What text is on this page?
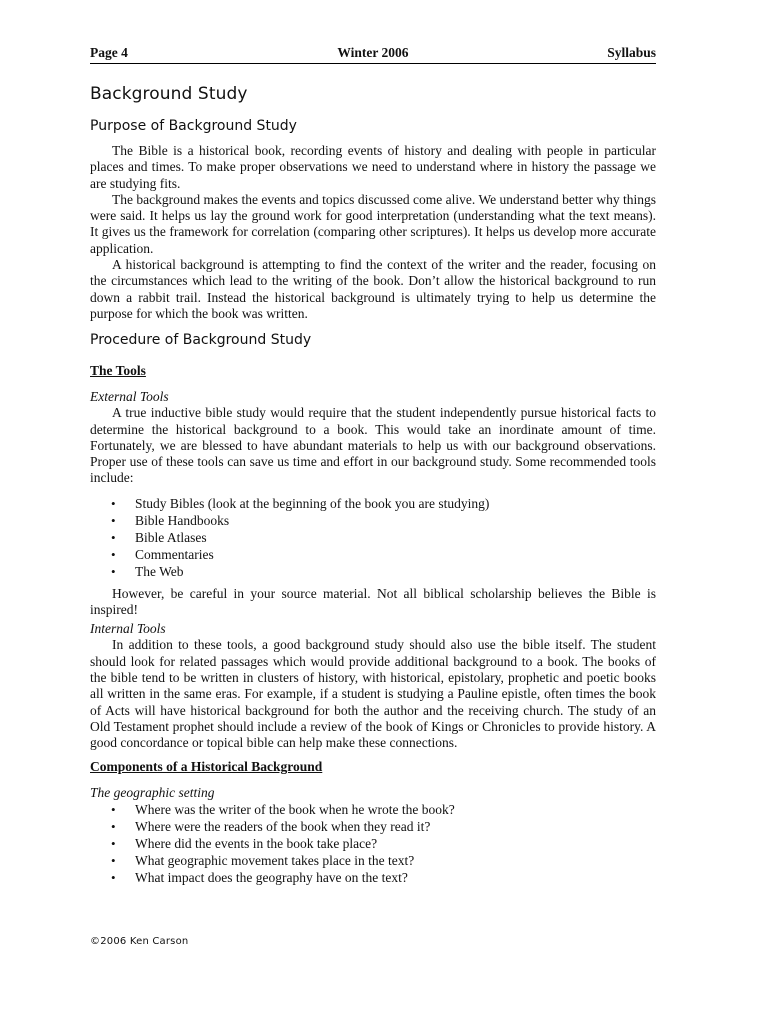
Page 4	Winter 2006	Syllabus
Background Study
Purpose of Background Study

The Bible is a historical book, recording events of history and dealing with people in particular places and times. To make proper observations we need to understand where in history the passage we are studying fits.

The background makes the events and topics discussed come alive. We understand better why things were said. It helps us lay the ground work for good interpretation (understanding what the text means). It gives us the framework for correlation (comparing other scriptures). It helps us develop more accurate application.

A historical background is attempting to find the context of the writer and the reader, focusing on the circumstances which lead to the writing of the book. Don’t allow the historical background to run down a rabbit trail. Instead the historical background is ultimately trying to help us determine the purpose for which the book was written.

Procedure of Background Study
The Tools
External Tools

A true inductive bible study would require that the student independently pursue historical facts to determine the historical background to a book. This would take an inordinate amount of time. Fortunately, we are blessed to have abundant materials to help us with our background observations. Proper use of these tools can save us time and effort in our background study. Some recommended tools include:

• Study Bibles (look at the beginning of the book you are studying)
• Bible Handbooks
• Bible Atlases
• Commentaries
• The Web

However, be careful in your source material. Not all biblical scholarship believes the Bible is inspired!

Internal Tools

In addition to these tools, a good background study should also use the bible itself. The student should look for related passages which would provide additional background to a book. The books of the bible tend to be written in clusters of history, with historical, epistolary, prophetic and poetic books all written in the same eras. For example, if a student is studying a Pauline epistle, often times the book of Acts will have historical background for both the author and the receiving church. The study of an Old Testament prophet should include a review of the book of Kings or Chronicles to provide history. A good concordance or topical bible can help make these connections.

Components of a Historical Background
The geographic setting
• Where was the writer of the book when he wrote the book?
• Where were the readers of the book when they read it?
• Where did the events in the book take place?
• What geographic movement takes place in the text?
• What impact does the geography have on the text?
©2006 Ken Carson
